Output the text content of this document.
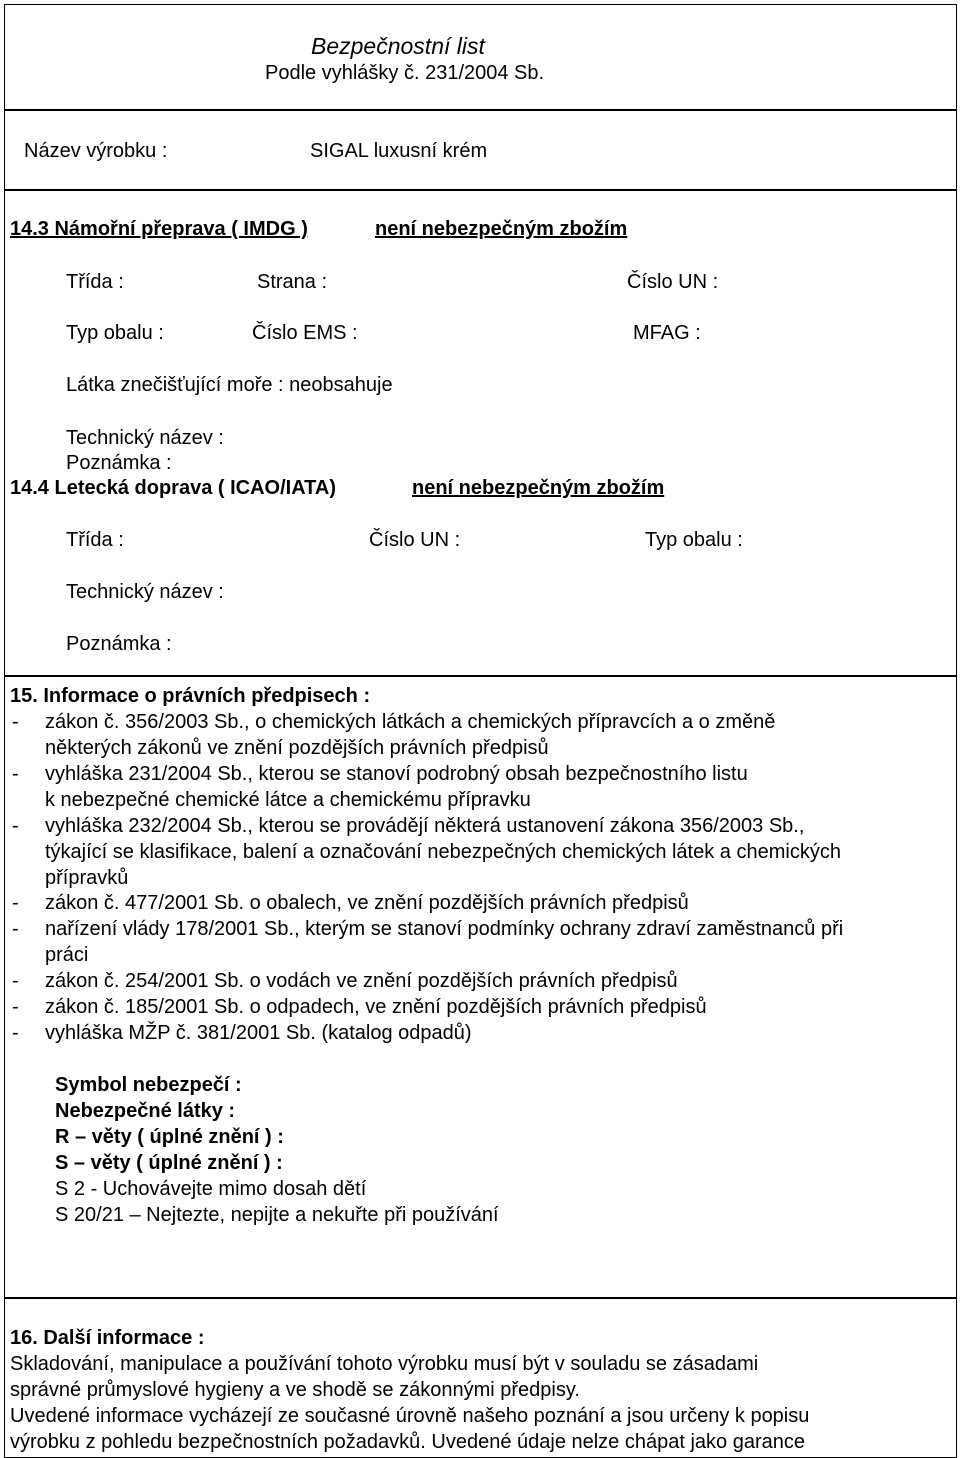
Bezpečnostní list
Podle vyhlášky č. 231/2004 Sb.
Název výrobku :	SIGAL luxusní krém
14.3 Námořní přeprava ( IMDG )	není nebezpečným zbožím
Třída :	Strana :	Číslo UN :
Typ obalu :	Číslo EMS :	MFAG :
Látka znečišťující moře : neobsahuje
Technický název :
Poznámka :
14.4 Letecká doprava ( ICAO/IATA)	není nebezpečným zbožím
Třída :	Číslo UN :	Typ obalu :
Technický název :
Poznámka :
15. Informace o právních předpisech :
- zákon č. 356/2003 Sb., o chemických látkách a chemických přípravcích a o změně
některých zákonů ve znění pozdějších právních předpisů
- vyhláška 231/2004 Sb., kterou se stanoví podrobný obsah bezpečnostního listu
k nebezpečné chemické látce a chemickému přípravku
- vyhláška 232/2004 Sb., kterou se provádějí některá ustanovení zákona 356/2003 Sb.,
týkající se klasifikace, balení a označování nebezpečných chemických látek a chemických
přípravků
- zákon č. 477/2001 Sb. o obalech, ve znění pozdějších právních předpisů
- nařízení vlády 178/2001 Sb., kterým se stanoví podmínky ochrany zdraví zaměstnanců při
práci
- zákon č. 254/2001 Sb. o vodách ve znění pozdějších právních předpisů
- zákon č. 185/2001 Sb. o odpadech, ve znění pozdějších právních předpisů
- vyhláška MŽP č. 381/2001 Sb. (katalog odpadů)
Symbol nebezpečí :
Nebezpečné látky :
R – věty ( úplné znění ) :
S – věty ( úplné znění ) :
S 2 - Uchovávejte mimo dosah dětí
S 20/21 – Nejtezte, nepijte a nekuřte při používání
16. Další informace :
Skladování, manipulace a používání tohoto výrobku musí být v souladu se zásadami
správné průmyslové hygieny a ve shodě se zákonnými předpisy.
Uvedené informace vycházejí ze současné úrovně našeho poznání a jsou určeny k popisu
výrobku z pohledu bezpečnostních požadavků. Uvedené údaje nelze chápat jako garance
